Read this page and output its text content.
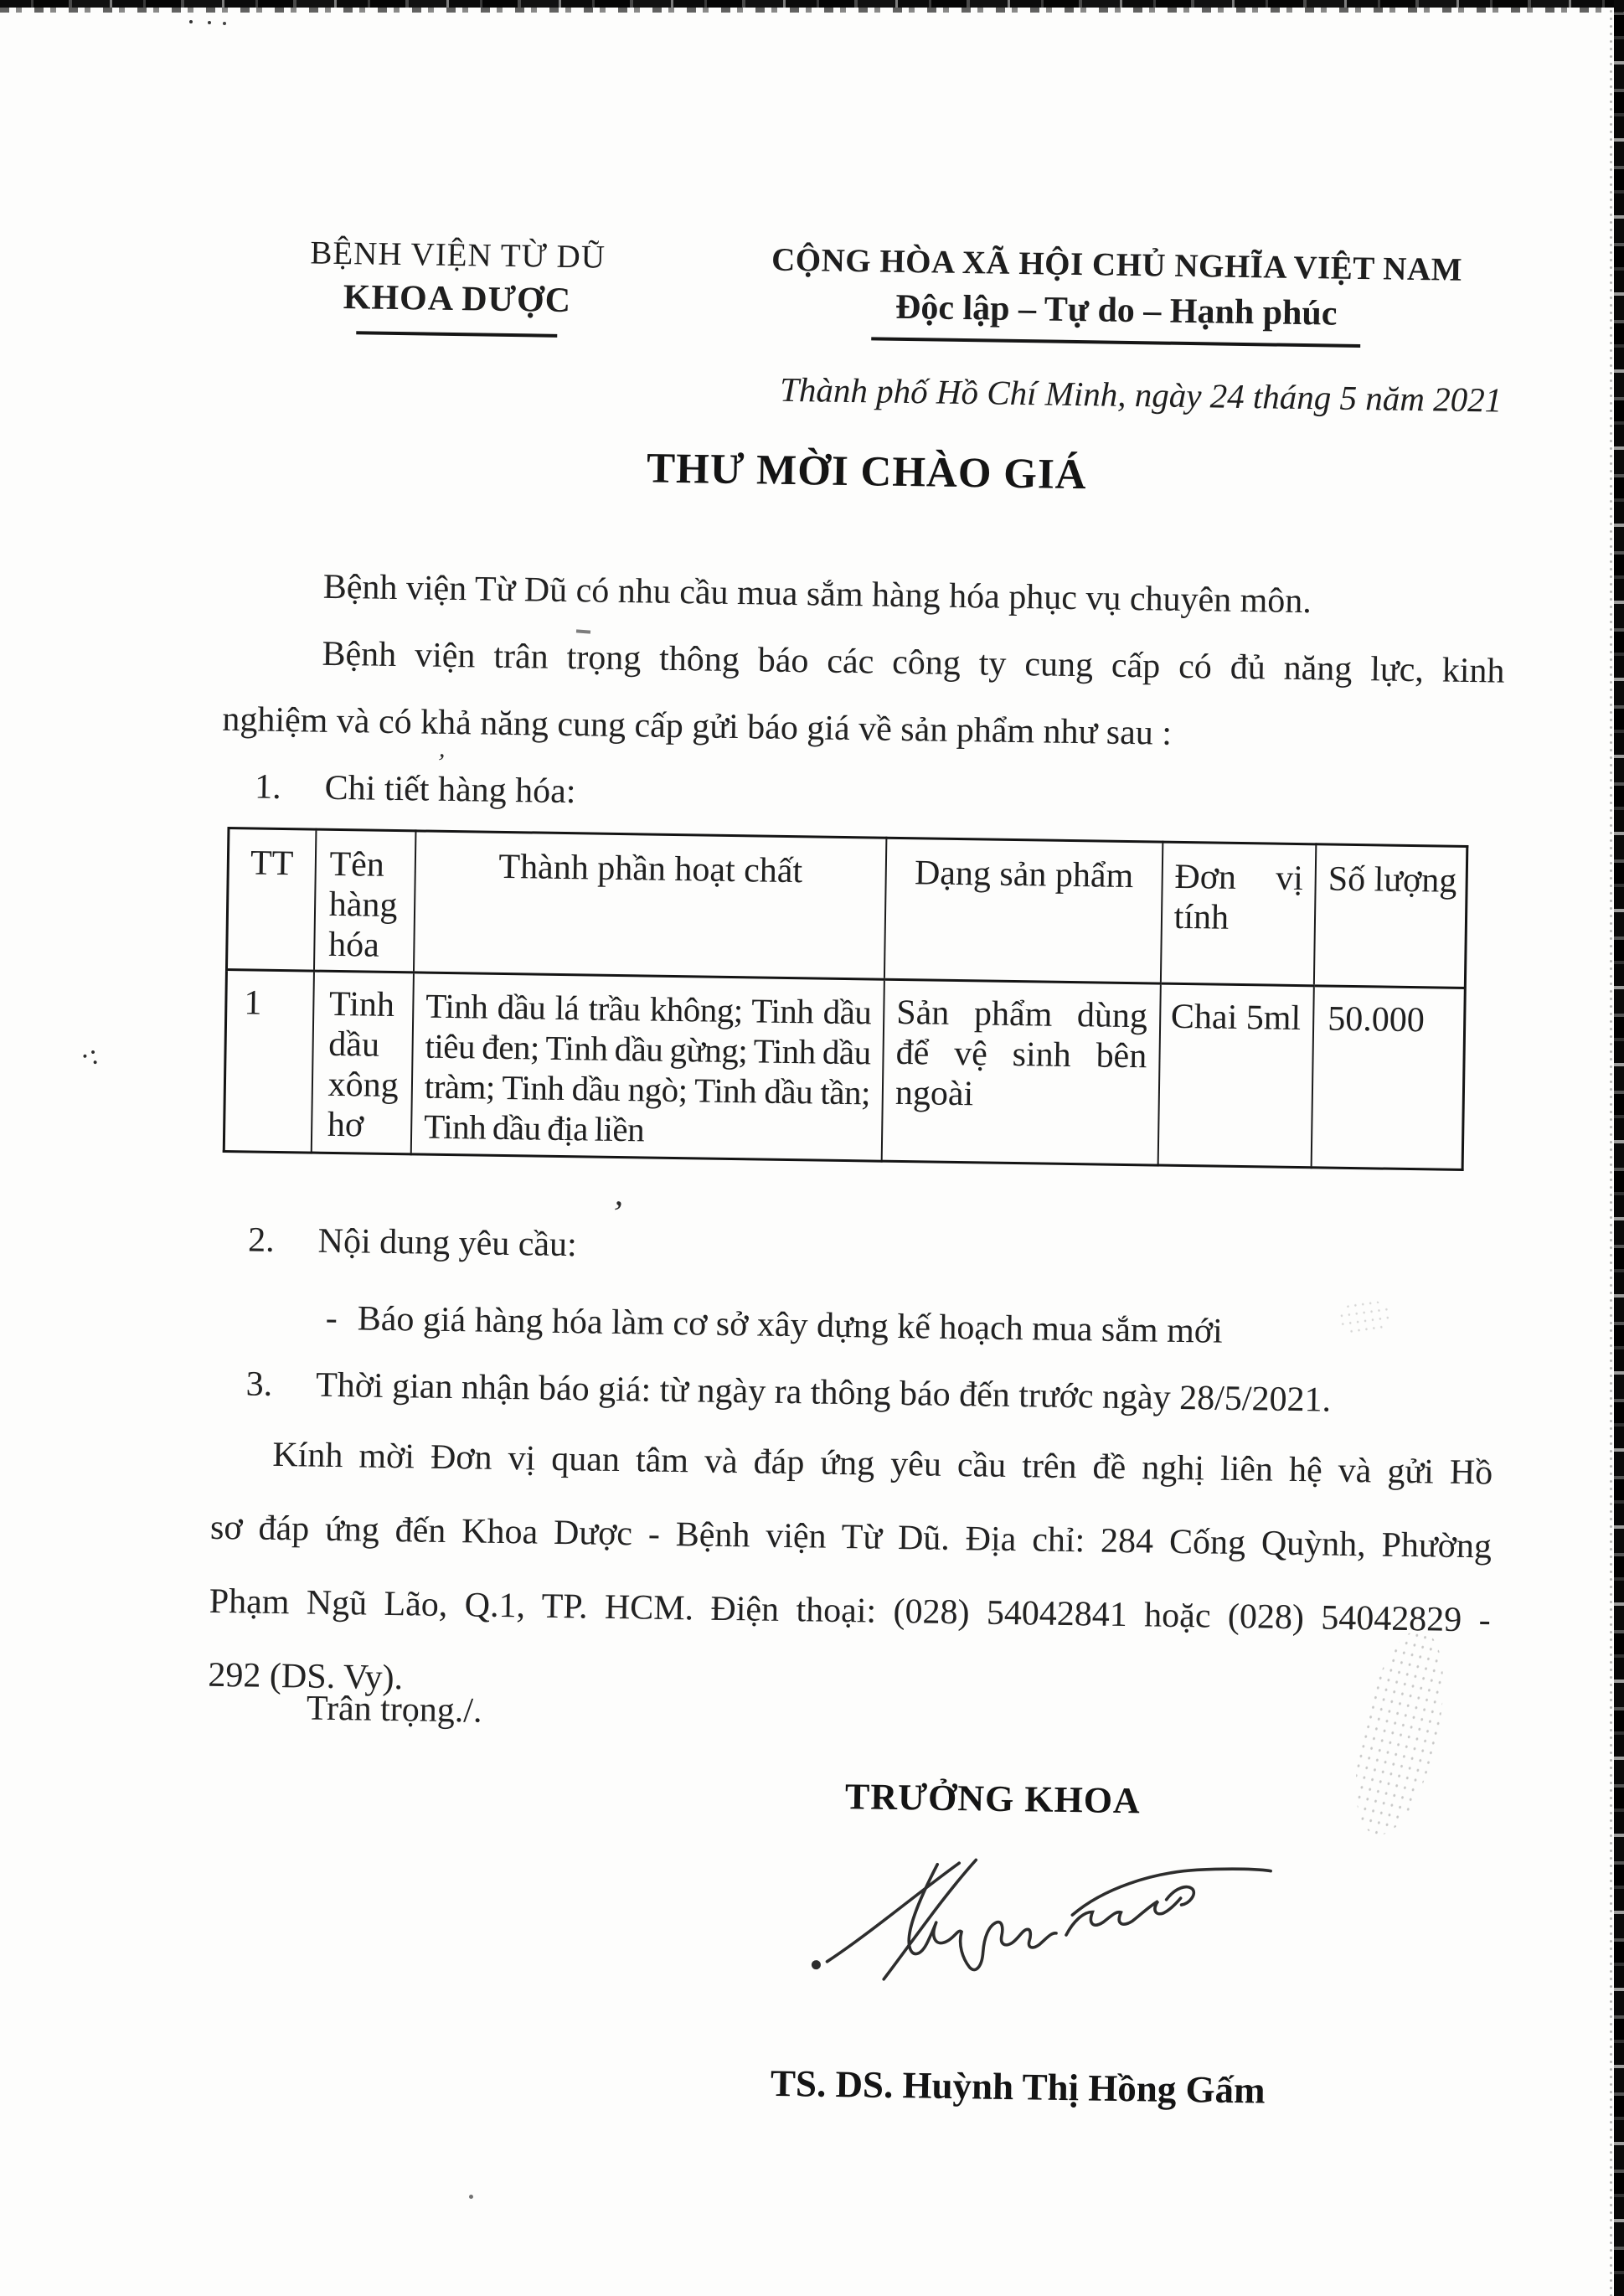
·:
’
’
BỆNH VIỆN TỪ DŨ
KHOA DƯỢC
CỘNG HÒA XÃ HỘI CHỦ NGHĨA VIỆT NAM
Độc lập – Tự do – Hạnh phúc
Thành phố Hồ Chí Minh, ngày 24 tháng 5 năm 2021
THƯ MỜI CHÀO GIÁ
Bệnh viện Từ Dũ có nhu cầu mua sắm hàng hóa phục vụ chuyên môn.
Bệnh viện trân trọng thông báo các công ty cung cấp có đủ năng lực, kinh
nghiệm và có khả năng cung cấp gửi báo giá về sản phẩm như sau :
1. Chi tiết hàng hóa:
TT	Tên hàng hóa	Thành phần hoạt chất	Dạng sản phẩm	Đơn vị tính	Số lượng
1	Tinh dầu xông hơ	Tinh dầu lá trầu không; Tinh dầu tiêu đen; Tinh dầu gừng; Tinh dầu tràm; Tinh dầu ngò; Tinh dầu tần; Tinh dầu địa liền	Sản phẩm dùng để vệ sinh bên ngoài	Chai 5ml	50.000
2. Nội dung yêu cầu:
- Báo giá hàng hóa làm cơ sở xây dựng kế hoạch mua sắm mới
3. Thời gian nhận báo giá: từ ngày ra thông báo đến trước ngày 28/5/2021.
Kính mời Đơn vị quan tâm và đáp ứng yêu cầu trên đề nghị liên hệ và gửi Hồ
sơ đáp ứng đến Khoa Dược - Bệnh viện Từ Dũ. Địa chỉ: 284 Cống Quỳnh, Phường
Phạm Ngũ Lão, Q.1, TP. HCM. Điện thoại: (028) 54042841 hoặc (028) 54042829 -
292 (DS. Vy).
Trân trọng./.
TRƯỞNG KHOA
TS. DS. Huỳnh Thị Hồng Gấm
